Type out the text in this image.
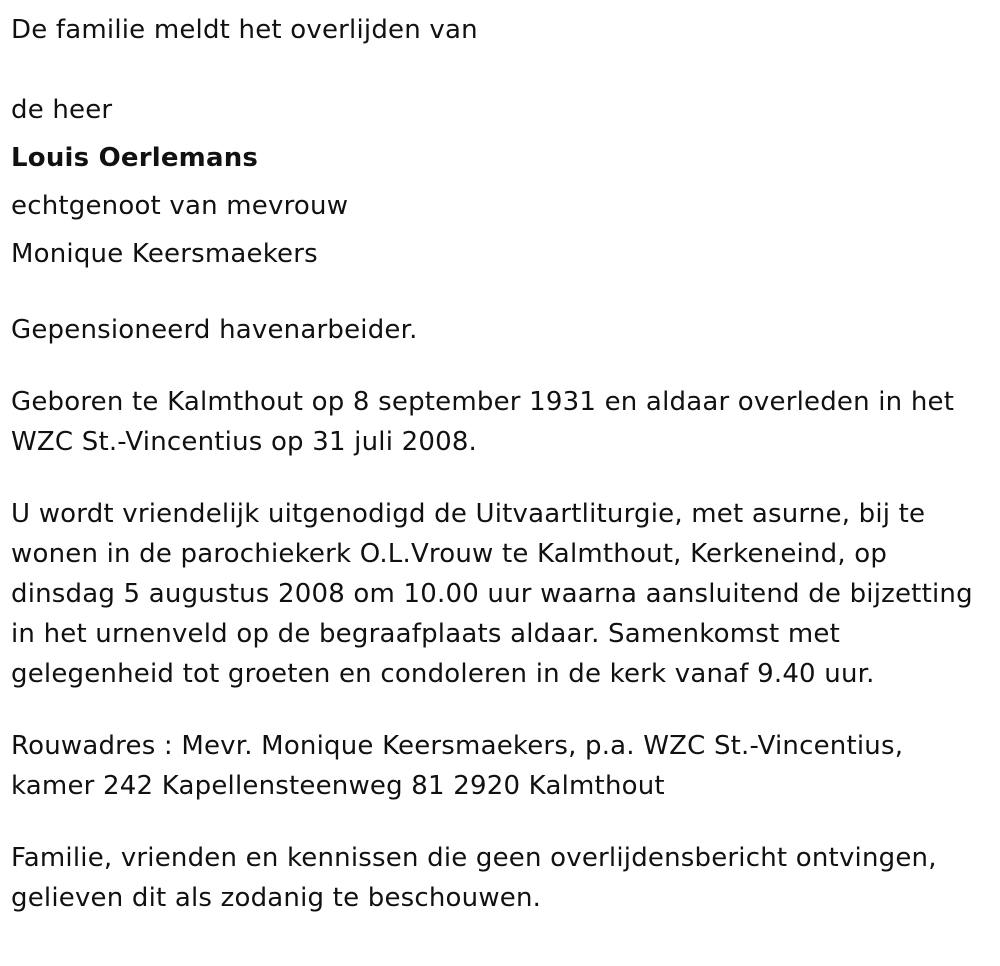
De familie meldt het overlijden van
de heer
Louis Oerlemans
echtgenoot van mevrouw
Monique Keersmaekers
Gepensioneerd havenarbeider.
Geboren te Kalmthout op 8 september 1931 en aldaar overleden in het
WZC St.-Vincentius op 31 juli 2008.
U wordt vriendelijk uitgenodigd de Uitvaartliturgie, met asurne, bij te
wonen in de parochiekerk O.L.Vrouw te Kalmthout, Kerkeneind, op
dinsdag 5 augustus 2008 om 10.00 uur waarna aansluitend de bijzetting
in het urnenveld op de begraafplaats aldaar. Samenkomst met
gelegenheid tot groeten en condoleren in de kerk vanaf 9.40 uur.
Rouwadres : Mevr. Monique Keersmaekers, p.a. WZC St.-Vincentius,
kamer 242 Kapellensteenweg 81 2920 Kalmthout
Familie, vrienden en kennissen die geen overlijdensbericht ontvingen,
gelieven dit als zodanig te beschouwen.
